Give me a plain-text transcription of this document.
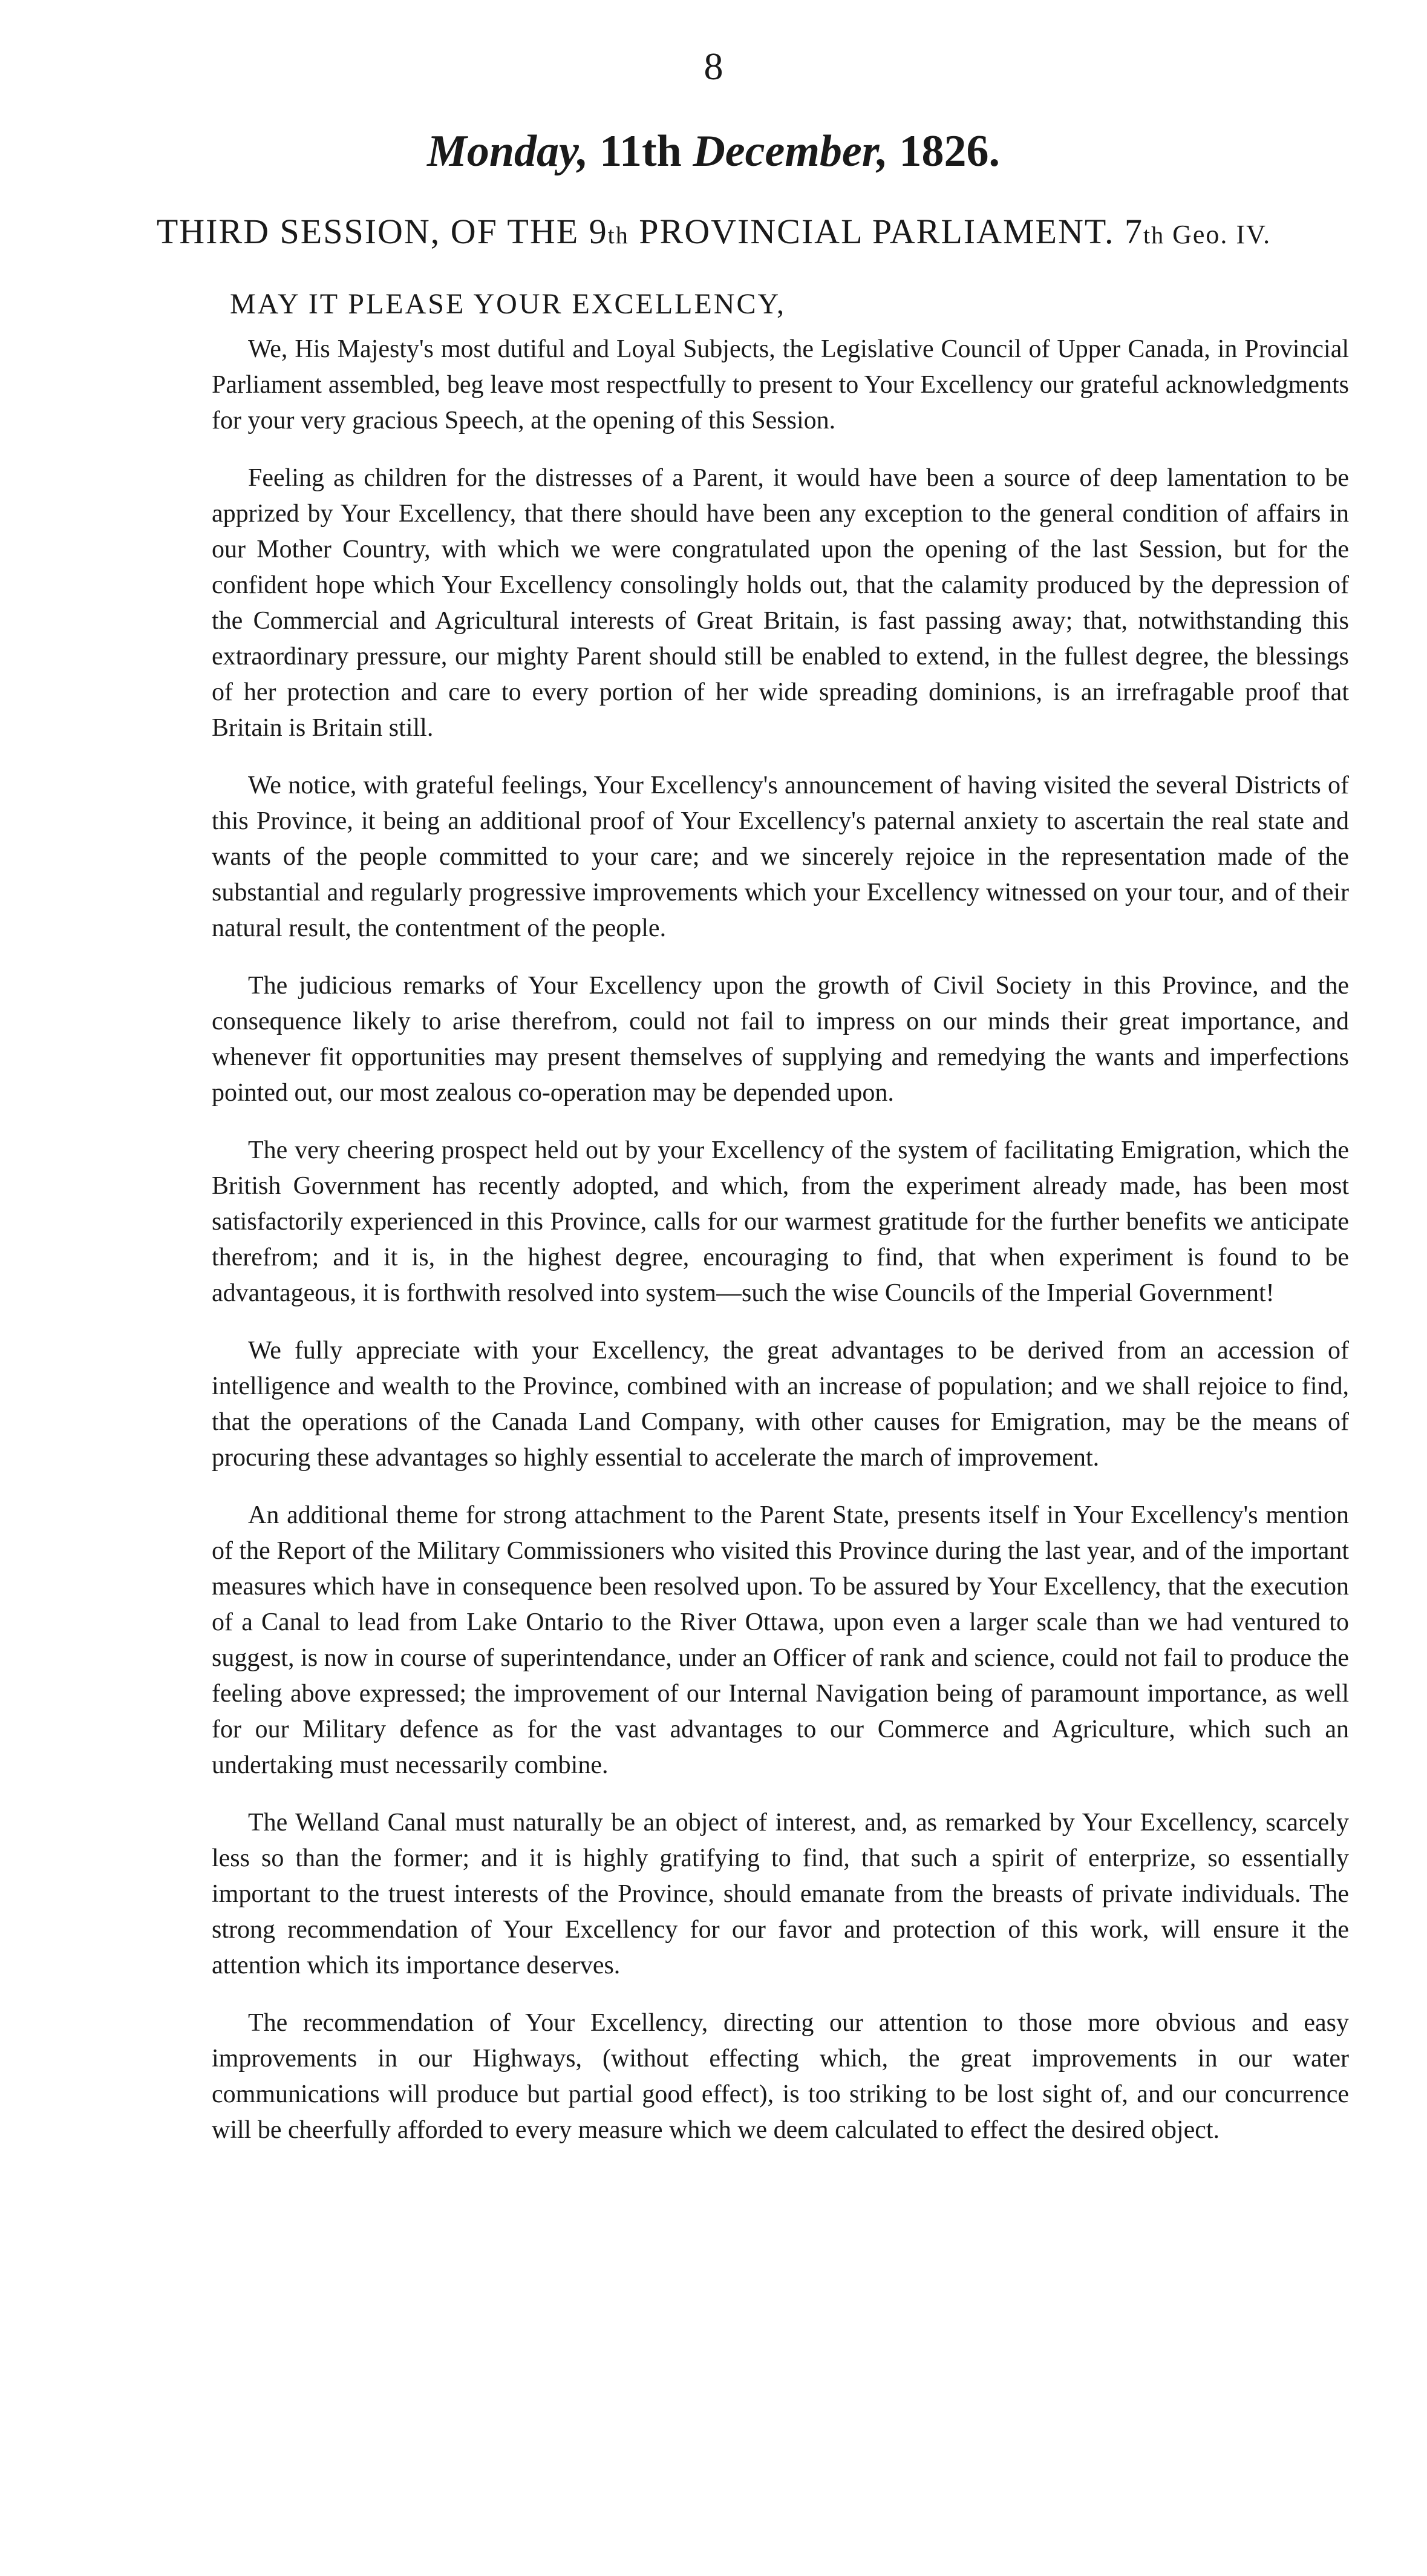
8
Monday, 11th December, 1826.
THIRD SESSION, OF THE 9th PROVINCIAL PARLIAMENT. 7th Geo. IV.
MAY IT PLEASE YOUR EXCELLENCY,

We, His Majesty's most dutiful and Loyal Subjects, the Legislative Council of Upper Canada, in Provincial Parliament assembled, beg leave most respectfully to present to Your Excellency our grateful acknowledgments for your very gracious Speech, at the opening of this Session.

Feeling as children for the distresses of a Parent, it would have been a source of deep lamentation to be apprized by Your Excellency, that there should have been any exception to the general condition of affairs in our Mother Country, with which we were congratulated upon the opening of the last Session, but for the confident hope which Your Excellency consolingly holds out, that the calamity produced by the depression of the Commercial and Agricultural interests of Great Britain, is fast passing away; that, notwithstanding this extraordinary pressure, our mighty Parent should still be enabled to extend, in the fullest degree, the blessings of her protection and care to every portion of her wide spreading dominions, is an irrefragable proof that Britain is Britain still.

We notice, with grateful feelings, Your Excellency's announcement of having visited the several Districts of this Province, it being an additional proof of Your Excellency's paternal anxiety to ascertain the real state and wants of the people committed to your care; and we sincerely rejoice in the representation made of the substantial and regularly progressive improvements which your Excellency witnessed on your tour, and of their natural result, the contentment of the people.

The judicious remarks of Your Excellency upon the growth of Civil Society in this Province, and the consequence likely to arise therefrom, could not fail to impress on our minds their great importance, and whenever fit opportunities may present themselves of supplying and remedying the wants and imperfections pointed out, our most zealous co-operation may be depended upon.

The very cheering prospect held out by your Excellency of the system of facilitating Emigration, which the British Government has recently adopted, and which, from the experiment already made, has been most satisfactorily experienced in this Province, calls for our warmest gratitude for the further benefits we anticipate therefrom; and it is, in the highest degree, encouraging to find, that when experiment is found to be advantageous, it is forthwith resolved into system—such the wise Councils of the Imperial Government!

We fully appreciate with your Excellency, the great advantages to be derived from an accession of intelligence and wealth to the Province, combined with an increase of population; and we shall rejoice to find, that the operations of the Canada Land Company, with other causes for Emigration, may be the means of procuring these advantages so highly essential to accelerate the march of improvement.

An additional theme for strong attachment to the Parent State, presents itself in Your Excellency's mention of the Report of the Military Commissioners who visited this Province during the last year, and of the important measures which have in consequence been resolved upon. To be assured by Your Excellency, that the execution of a Canal to lead from Lake Ontario to the River Ottawa, upon even a larger scale than we had ventured to suggest, is now in course of superintendance, under an Officer of rank and science, could not fail to produce the feeling above expressed; the improvement of our Internal Navigation being of paramount importance, as well for our Military defence as for the vast advantages to our Commerce and Agriculture, which such an undertaking must necessarily combine.

The Welland Canal must naturally be an object of interest, and, as remarked by Your Excellency, scarcely less so than the former; and it is highly gratifying to find, that such a spirit of enterprize, so essentially important to the truest interests of the Province, should emanate from the breasts of private individuals. The strong recommendation of Your Excellency for our favor and protection of this work, will ensure it the attention which its importance deserves.

The recommendation of Your Excellency, directing our attention to those more obvious and easy improvements in our Highways, (without effecting which, the great improvements in our water communications will produce but partial good effect), is too striking to be lost sight of, and our concurrence will be cheerfully afforded to every measure which we deem calculated to effect the desired object.
